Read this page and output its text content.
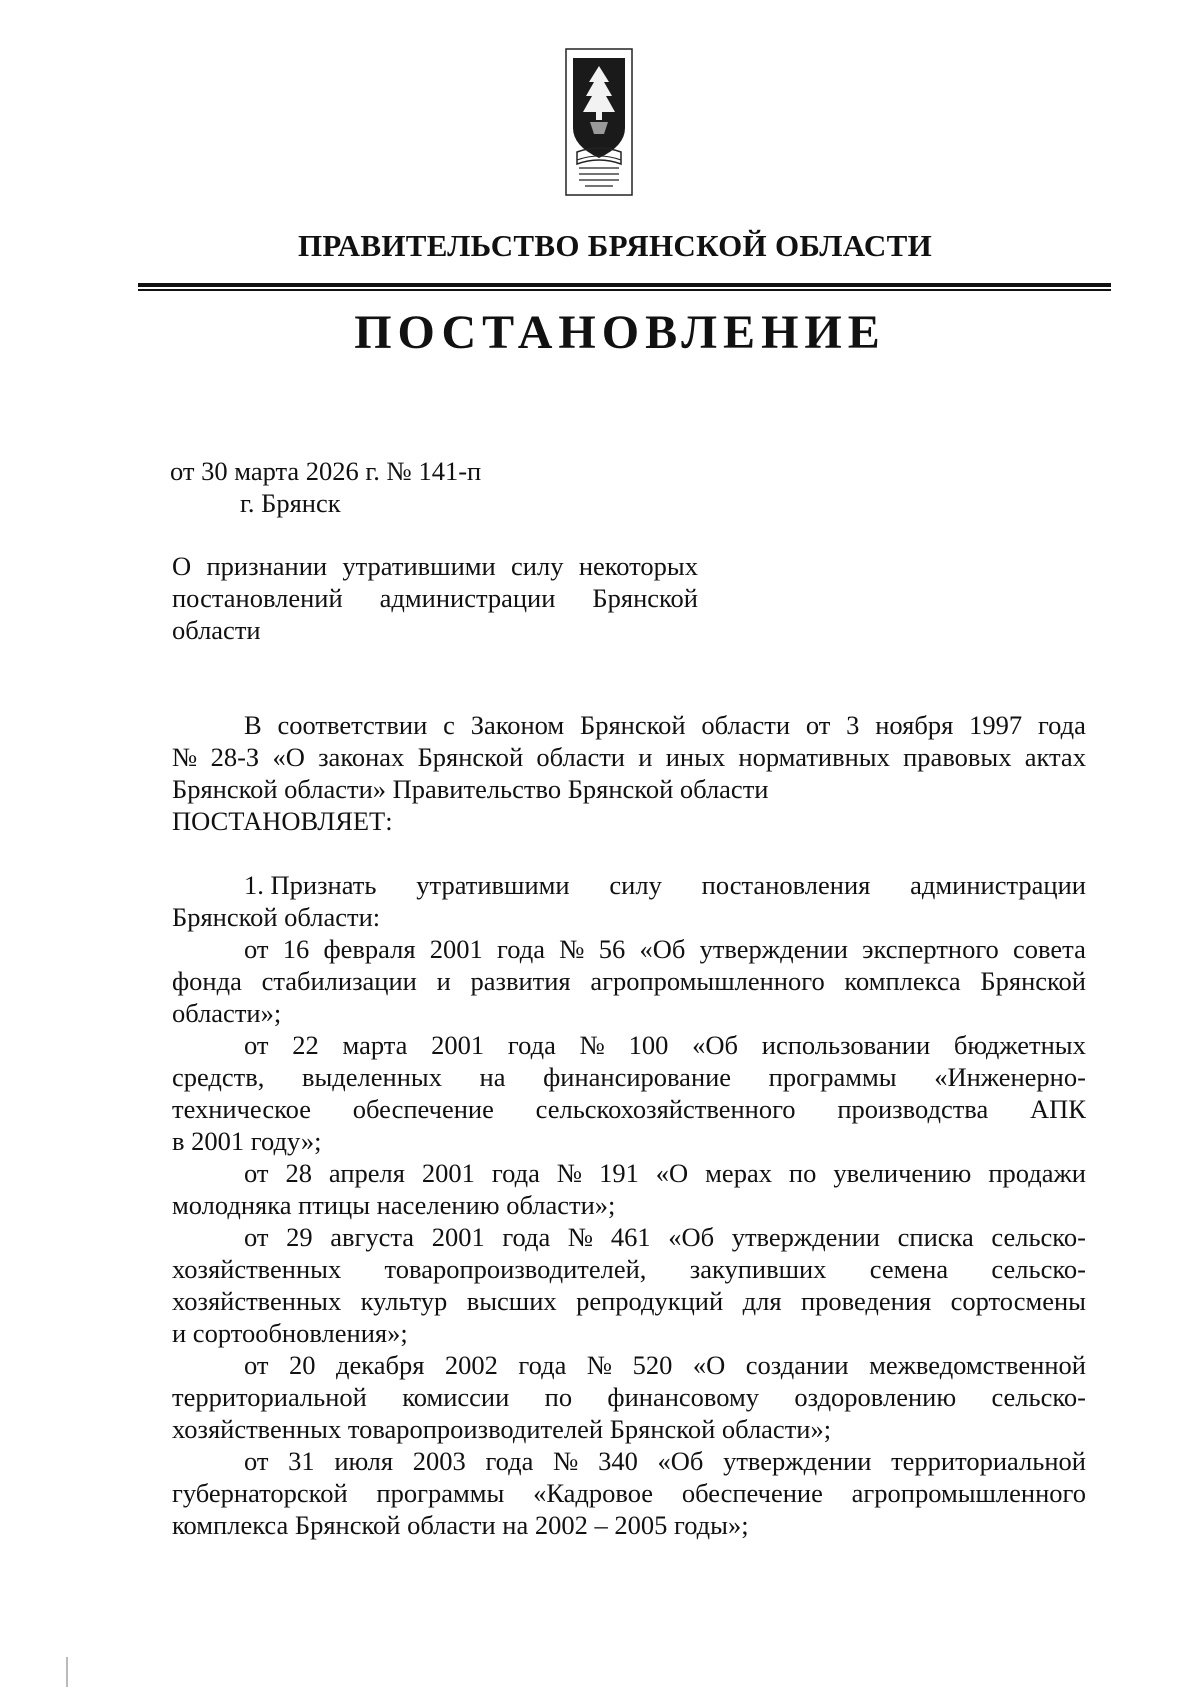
ПРАВИТЕЛЬСТВО БРЯНСКОЙ ОБЛАСТИ
ПОСТАНОВЛЕНИЕ
от 30 марта 2026 г. № 141-п
г. Брянск
О признании утратившими силу некоторых
постановлений администрации Брянской
области
В соответствии с Законом Брянской области от 3 ноября 1997 года
№ 28-З «О законах Брянской области и иных нормативных правовых актах
Брянской области» Правительство Брянской области
ПОСТАНОВЛЯЕТ:
1. Признать утратившими силу постановления администрации
Брянской области:
от 16 февраля 2001 года № 56 «Об утверждении экспертного совета
фонда стабилизации и развития агропромышленного комплекса Брянской
области»;
от 22 марта 2001 года № 100 «Об использовании бюджетных
средств, выделенных на финансирование программы «Инженерно-
техническое обеспечение сельскохозяйственного производства АПК
в 2001 году»;
от 28 апреля 2001 года № 191 «О мерах по увеличению продажи
молодняка птицы населению области»;
от 29 августа 2001 года № 461 «Об утверждении списка сельско-
хозяйственных товаропроизводителей, закупивших семена сельско-
хозяйственных культур высших репродукций для проведения сортосмены
и сортообновления»;
от 20 декабря 2002 года № 520 «О создании межведомственной
территориальной комиссии по финансовому оздоровлению сельско-
хозяйственных товаропроизводителей Брянской области»;
от 31 июля 2003 года № 340 «Об утверждении территориальной
губернаторской программы «Кадровое обеспечение агропромышленного
комплекса Брянской области на 2002 – 2005 годы»;
